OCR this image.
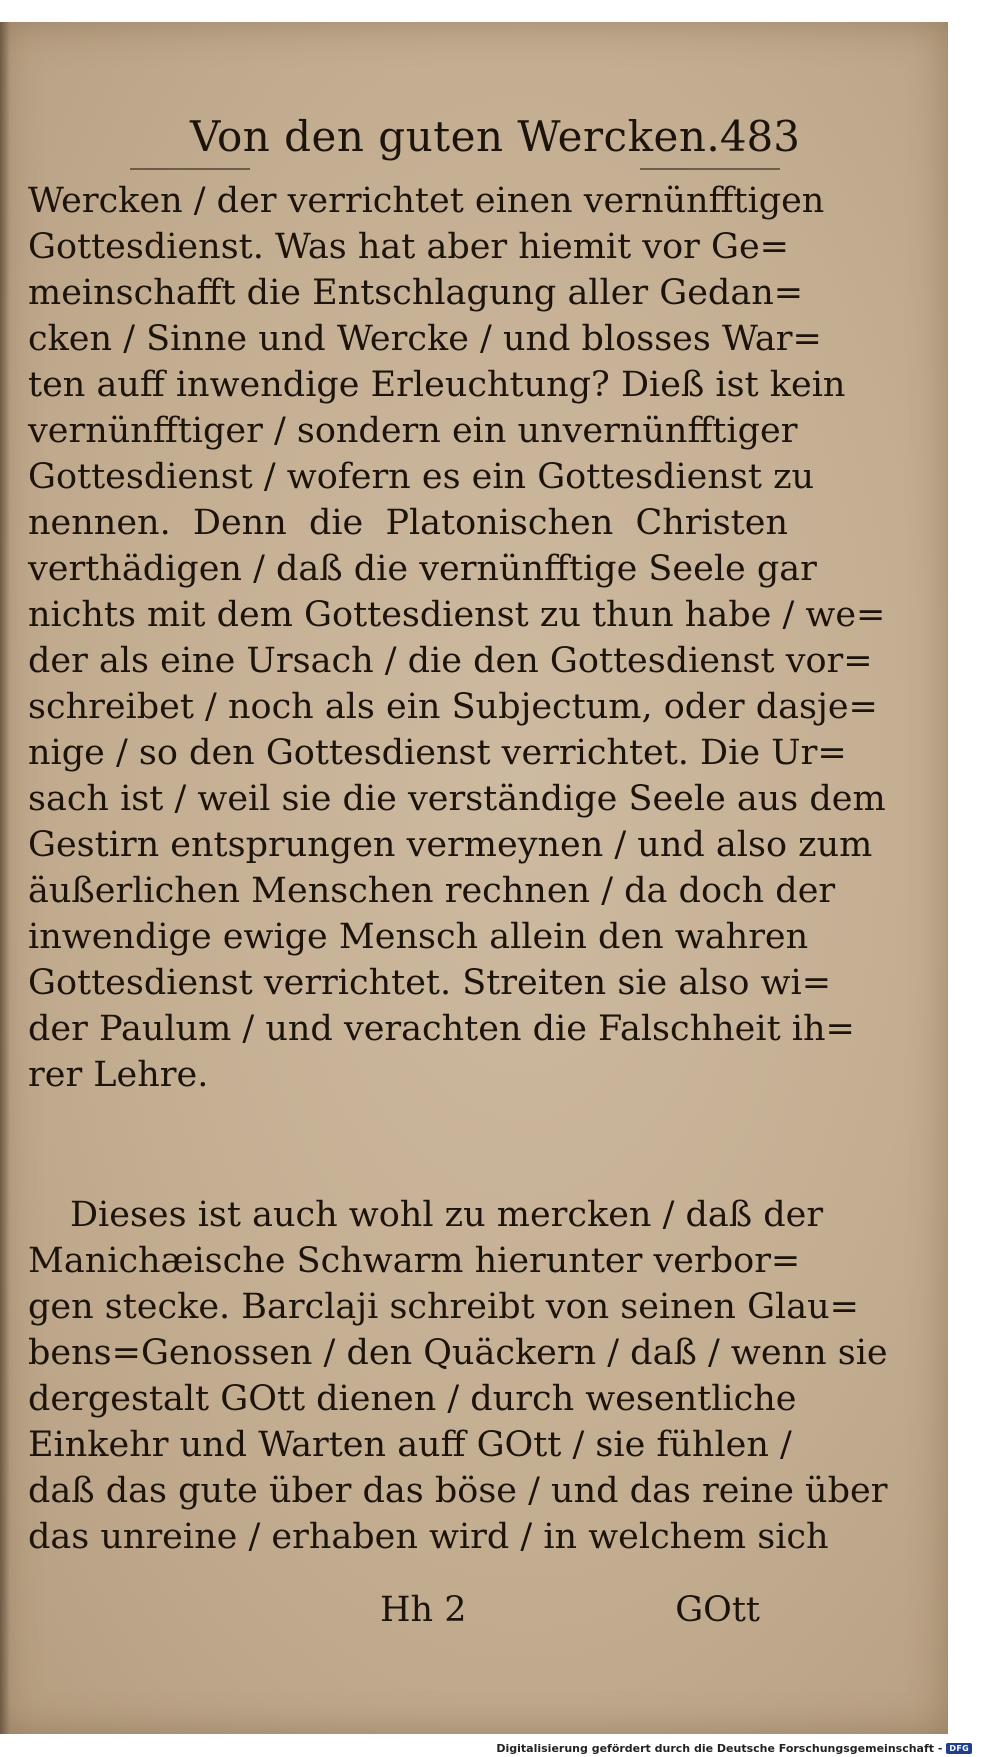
Von den guten Wercken. 483
Wercken / der verrichtet einen vernünfftigen
Gottesdienst. Was hat aber hiemit vor Ge=
meinschafft die Entschlagung aller Gedan=
cken / Sinne und Wercke / und blosses War=
ten auff inwendige Erleuchtung? Dieß ist kein
vernünfftiger / sondern ein unvernünfftiger
Gottesdienst / wofern es ein Gottesdienst zu
nennen. Denn die Platonischen Christen
verthädigen / daß die vernünfftige Seele gar
nichts mit dem Gottesdienst zu thun habe / we=
der als eine Ursach / die den Gottesdienst vor=
schreibet / noch als ein Subjectum, oder dasje=
nige / so den Gottesdienst verrichtet. Die Ur=
sach ist / weil sie die verständige Seele aus dem
Gestirn entsprungen vermeynen / und also zum
äußerlichen Menschen rechnen / da doch der
inwendige ewige Mensch allein den wahren
Gottesdienst verrichtet. Streiten sie also wi=
der Paulum / und verachten die Falschheit ih=
rer Lehre.
Dieses ist auch wohl zu mercken / daß der
Manichæische Schwarm hierunter verbor=
gen stecke. Barclaji schreibt von seinen Glau=
bens=Genossen / den Quäckern / daß / wenn sie
dergestalt GOtt dienen / durch wesentliche
Einkehr und Warten auff GOtt / sie fühlen /
daß das gute über das böse / und das reine über
das unreine / erhaben wird / in welchem sich
Hh 2	GOtt
Digitalisierung gefördert durch die Deutsche Forschungsgemeinschaft - DFG
